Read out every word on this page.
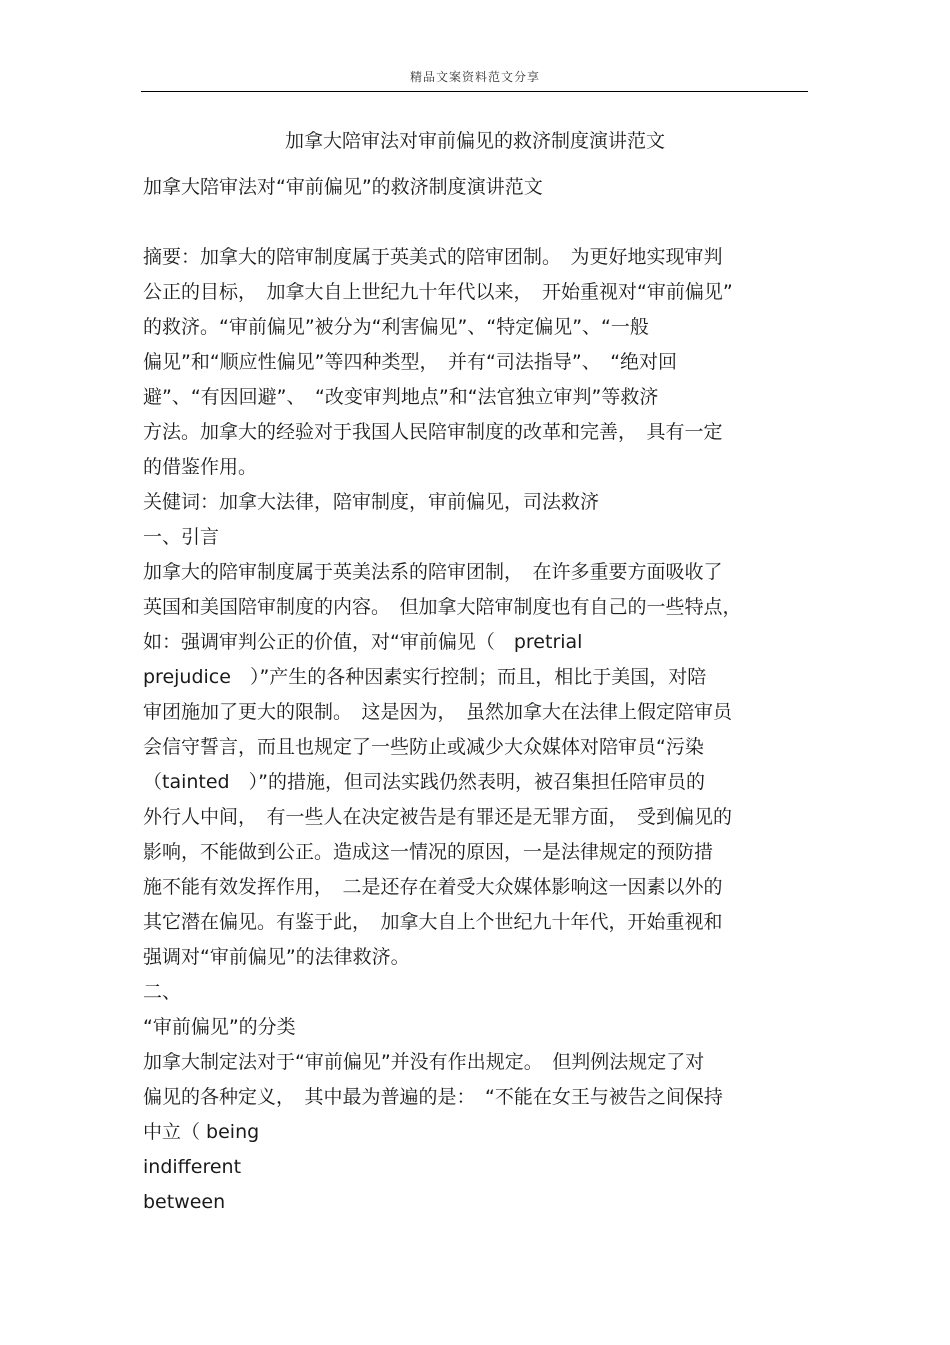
精品文案资料范文分享
加拿大陪审法对审前偏见的救济制度演讲范文
加拿大陪审法对“审前偏见”的救济制度演讲范文
摘要：加拿大的陪审制度属于英美式的陪审团制。　为更好地实现审判
公正的目标，　加拿大自上世纪九十年代以来，　开始重视对“审前偏见”
的救济。“审前偏见”被分为“利害偏见”、“特定偏见”、“一般
偏见”和“顺应性偏见”等四种类型，　并有“司法指导”、　“绝对回
避”、“有因回避”、　“改变审判地点”和“法官独立审判”等救济
方法。加拿大的经验对于我国人民陪审制度的改革和完善，　具有一定
的借鉴作用。
关健词：加拿大法律，陪审制度，审前偏见，司法救济
一、引言
加拿大的陪审制度属于英美法系的陪审团制，　在许多重要方面吸收了
英国和美国陪审制度的内容。　但加拿大陪审制度也有自己的一些特点，
如：强调审判公正的价值，对“审前偏见（　pretrial
prejudice　）”产生的各种因素实行控制；而且，相比于美国，对陪
审团施加了更大的限制。　这是因为，　虽然加拿大在法律上假定陪审员
会信守誓言，而且也规定了一些防止或减少大众媒体对陪审员“污染
（tainted　）”的措施，但司法实践仍然表明，被召集担任陪审员的
外行人中间，　有一些人在决定被告是有罪还是无罪方面，　受到偏见的
影响，不能做到公正。造成这一情况的原因，一是法律规定的预防措
施不能有效发挥作用，　二是还存在着受大众媒体影响这一因素以外的
其它潜在偏见。有鉴于此，　加拿大自上个世纪九十年代，开始重视和
强调对“审前偏见”的法律救济。
二、
“审前偏见”的分类
加拿大制定法对于“审前偏见”并没有作出规定。　但判例法规定了对
偏见的各种定义，　其中最为普遍的是：　“不能在女王与被告之间保持
中立（ being
indifferent
between
